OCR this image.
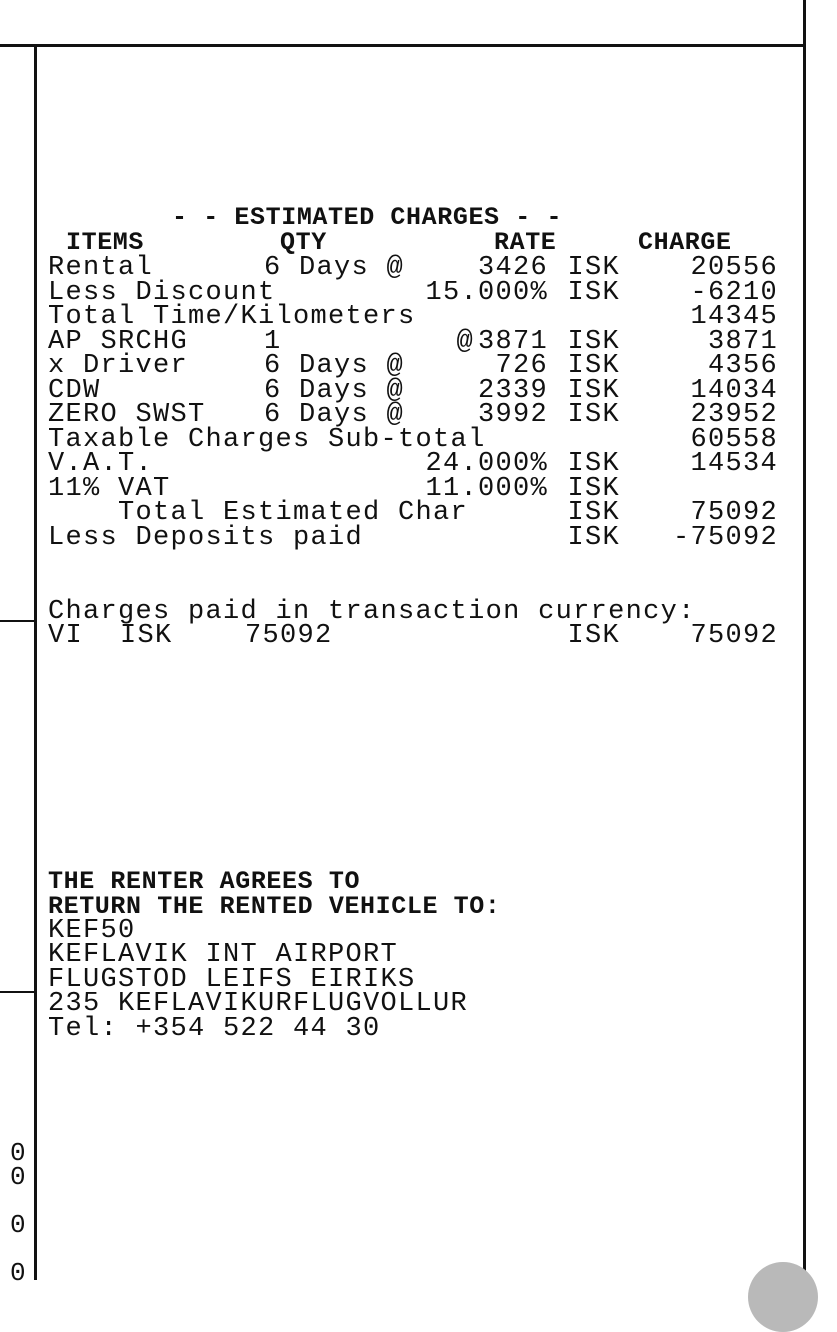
- - ESTIMATED CHARGES - -
ITEMS	QTY	RATE	CHARGE
Rental	6 Days @	3426 ISK	20556
Less Discount	15.000% ISK	-6210
Total Time/Kilometers	14345
AP SRCHG	1          @ 3871 ISK	3871
x Driver	6 Days @	726 ISK	4356
CDW	6 Days @	2339 ISK	14034
ZERO SWST 6 Days @	3992 ISK	23952
Taxable Charges Sub-total	60558
V.A.T.	24.000% ISK	14534
11% VAT	11.000% ISK
Total Estimated Char	ISK	75092
Less Deposits paid	ISK	-75092
Charges paid in transaction currency:
VI ISK	75092	ISK	75092
THE RENTER AGREES TO
RETURN THE RENTED VEHICLE TO:
KEF50
KEFLAVIK INT AIRPORT
FLUGSTOD LEIFS EIRIKS
235 KEFLAVIKURFLUGVOLLUR
Tel: +354 522 44 30
0
0
0
0
